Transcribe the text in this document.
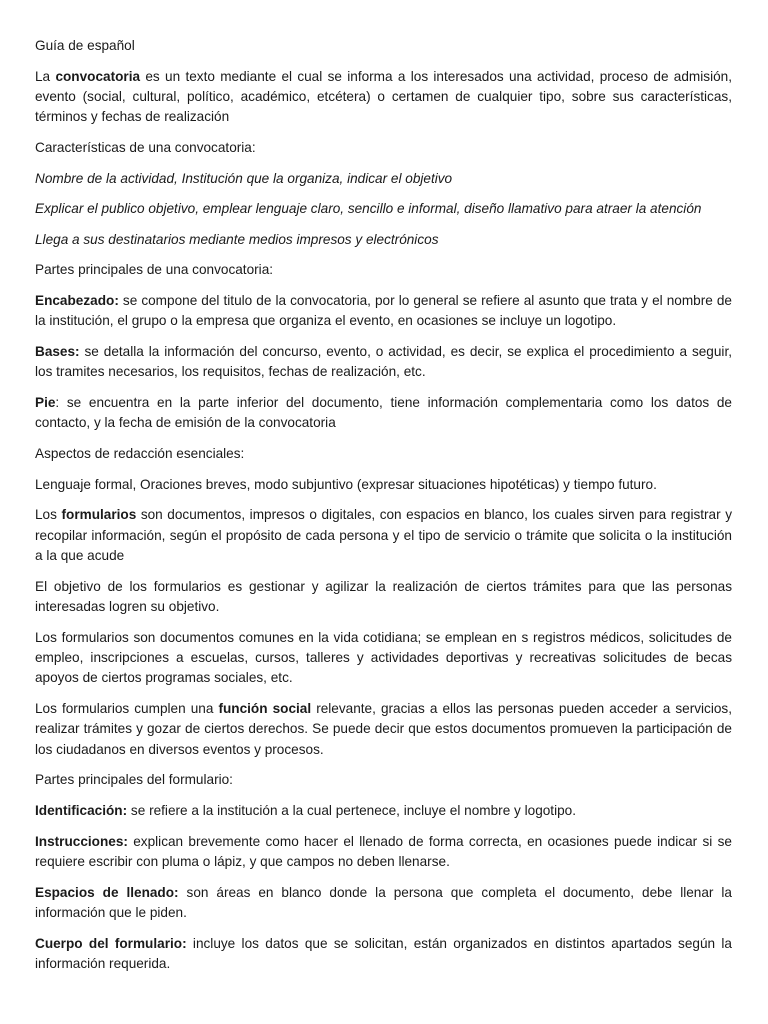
Guía de español

La convocatoria es un texto mediante el cual se informa a los interesados una actividad, proceso de admisión, evento (social, cultural, político, académico, etcétera) o certamen de cualquier tipo, sobre sus características, términos y fechas de realización

Características de una convocatoria:

Nombre de la actividad, Institución que la organiza, indicar el objetivo

Explicar el publico objetivo, emplear lenguaje claro, sencillo e informal, diseño llamativo para atraer la atención

Llega a sus destinatarios mediante medios impresos y electrónicos

Partes principales de una convocatoria:

Encabezado: se compone del titulo de la convocatoria, por lo general se refiere al asunto que trata y el nombre de la institución, el grupo o la empresa que organiza el evento, en ocasiones se incluye un logotipo.

Bases: se detalla la información del concurso, evento, o actividad, es decir, se explica el procedimiento a seguir, los tramites necesarios, los requisitos, fechas de realización, etc.

Pie: se encuentra en la parte inferior del documento, tiene información complementaria como los datos de contacto, y la fecha de emisión de la convocatoria

Aspectos de redacción esenciales:

Lenguaje formal, Oraciones breves, modo subjuntivo (expresar situaciones hipotéticas) y tiempo futuro.

Los formularios son documentos, impresos o digitales, con espacios en blanco, los cuales sirven para registrar y recopilar información, según el propósito de cada persona y el tipo de servicio o trámite que solicita o la institución a la que acude

El objetivo de los formularios es gestionar y agilizar la realización de ciertos trámites para que las personas interesadas logren su objetivo.

Los formularios son documentos comunes en la vida cotidiana; se emplean en s registros médicos, solicitudes de empleo, inscripciones a escuelas, cursos, talleres y actividades deportivas y recreativas solicitudes de becas apoyos de ciertos programas sociales, etc.

Los formularios cumplen una función social relevante, gracias a ellos las personas pueden acceder a servicios, realizar trámites y gozar de ciertos derechos. Se puede decir que estos documentos promueven la participación de los ciudadanos en diversos eventos y procesos.

Partes principales del formulario:

Identificación: se refiere a la institución a la cual pertenece, incluye el nombre y logotipo.

Instrucciones: explican brevemente como hacer el llenado de forma correcta, en ocasiones puede indicar si se requiere escribir con pluma o lápiz, y que campos no deben llenarse.

Espacios de llenado: son áreas en blanco donde la persona que completa el documento, debe llenar la información que le piden.

Cuerpo del formulario: incluye los datos que se solicitan, están organizados en distintos apartados según la información requerida.
